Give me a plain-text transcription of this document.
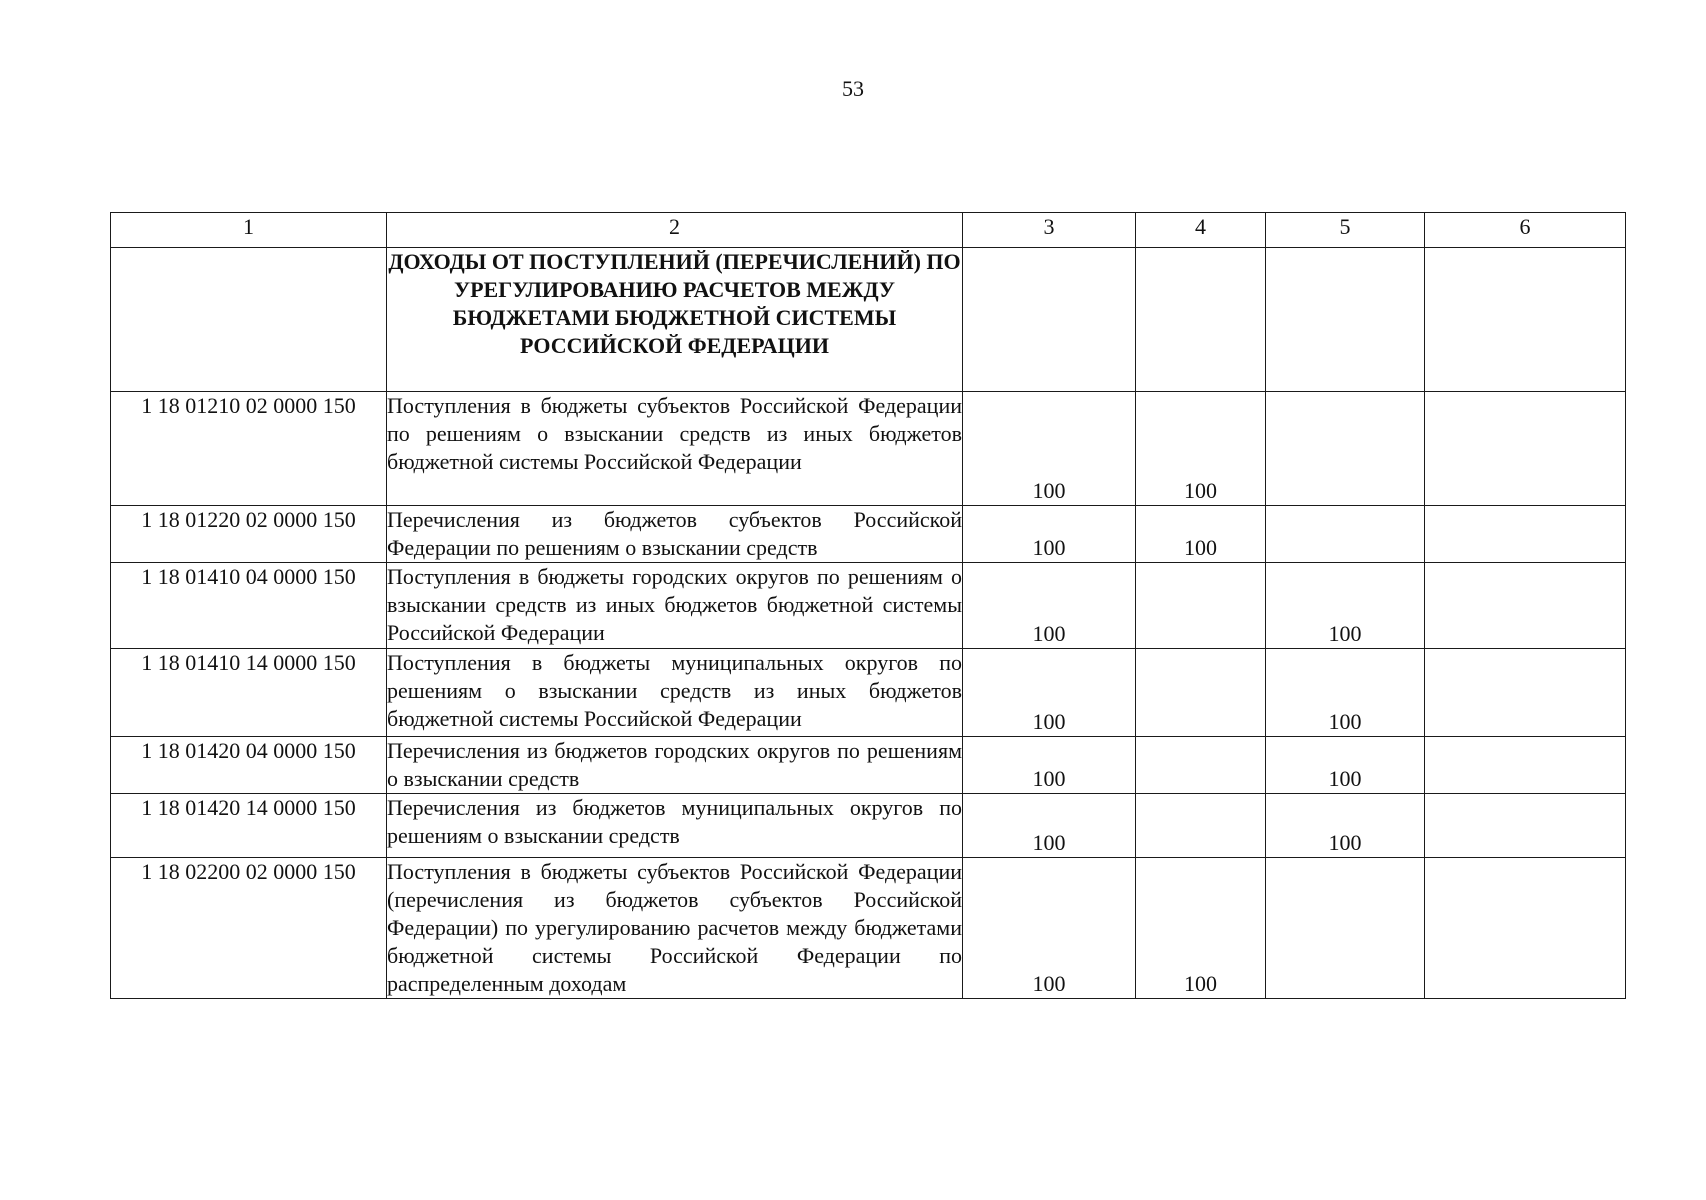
53
1	2	3	4	5	6
	ДОХОДЫ ОТ ПОСТУПЛЕНИЙ (ПЕРЕЧИСЛЕНИЙ) ПО УРЕГУЛИРОВАНИЮ РАСЧЕТОВ МЕЖДУ БЮДЖЕТАМИ БЮДЖЕТНОЙ СИСТЕМЫ РОССИЙСКОЙ ФЕДЕРАЦИИ				
1 18 01210 02 0000 150	Поступления в бюджеты субъектов Российской Федерации по решениям о взыскании средств из иных бюджетов бюджетной системы Российской Федерации	100	100		
1 18 01220 02 0000 150	Перечисления из бюджетов субъектов Российской Федерации по решениям о взыскании средств	100	100		
1 18 01410 04 0000 150	Поступления в бюджеты городских округов по решениям о взыскании средств из иных бюджетов бюджетной системы Российской Федерации	100		100	
1 18 01410 14 0000 150	Поступления в бюджеты муниципальных округов по решениям о взыскании средств из иных бюджетов бюджетной системы Российской Федерации	100		100	
1 18 01420 04 0000 150	Перечисления из бюджетов городских округов по решениям о взыскании средств	100		100	
1 18 01420 14 0000 150	Перечисления из бюджетов муниципальных округов по решениям о взыскании средств	100		100	
1 18 02200 02 0000 150	Поступления в бюджеты субъектов Российской Федерации (перечисления из бюджетов субъектов Российской Федерации) по урегулированию расчетов между бюджетами бюджетной системы Российской Федерации по распределенным доходам	100	100		
